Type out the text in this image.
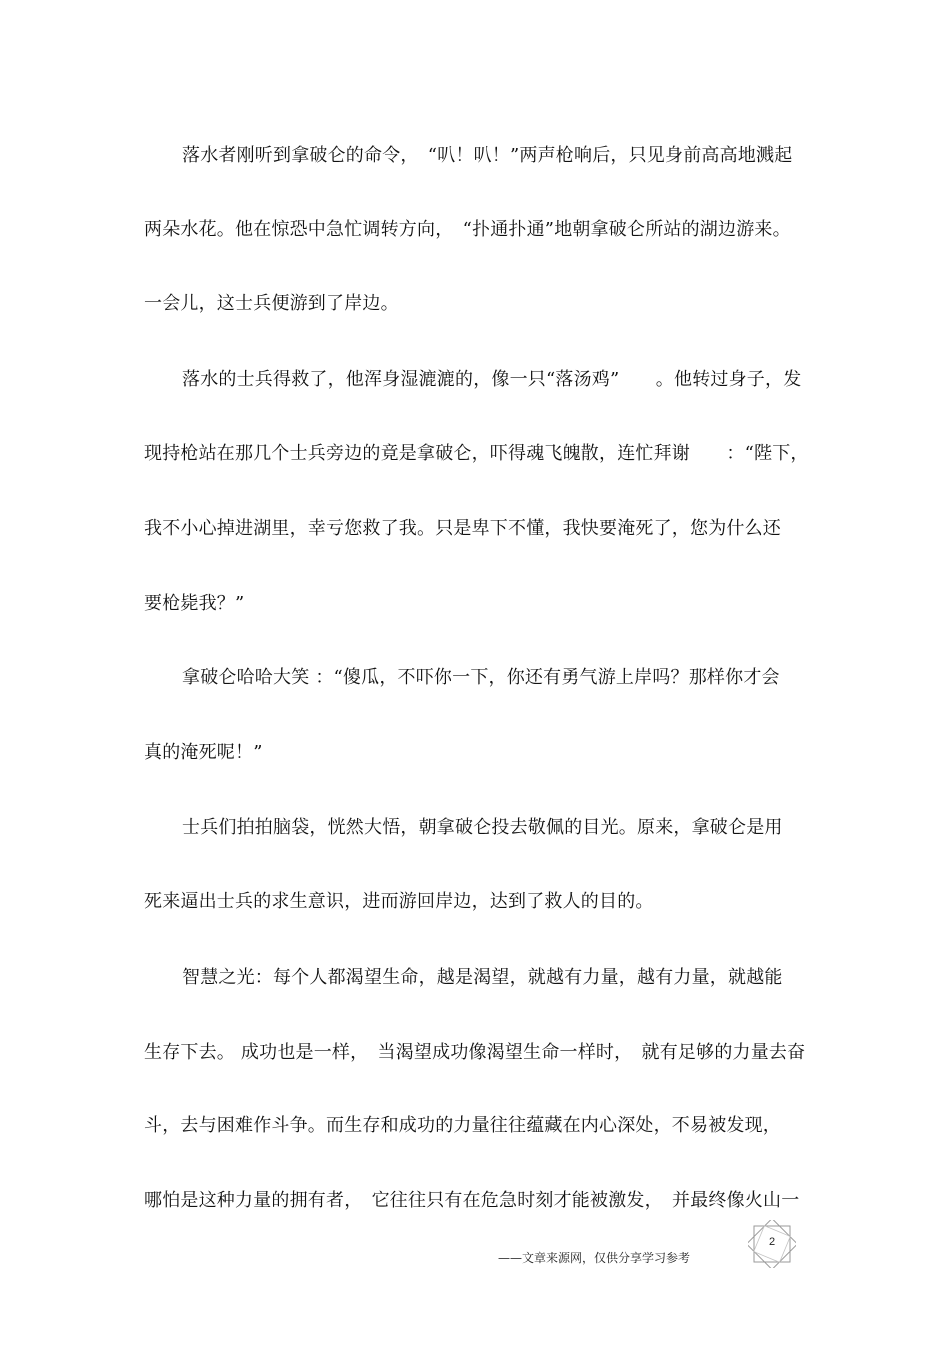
落水者刚听到拿破仑的命令，　“叭！叭！”两声枪响后，只见身前高高地溅起
两朵水花。他在惊恐中急忙调转方向，　“扑通扑通”地朝拿破仑所站的湖边游来。
一会儿，这士兵便游到了岸边。
落水的士兵得救了，他浑身湿漉漉的，像一只“落汤鸡”　　。他转过身子，发
现持枪站在那几个士兵旁边的竟是拿破仑，吓得魂飞魄散，连忙拜谢　　：“陛下，
我不小心掉进湖里，幸亏您救了我。只是卑下不懂，我快要淹死了，您为什么还
要枪毙我？”
拿破仑哈哈大笑 ：“傻瓜，不吓你一下，你还有勇气游上岸吗？那样你才会
真的淹死呢！”
士兵们拍拍脑袋，恍然大悟，朝拿破仑投去敬佩的目光。原来，拿破仑是用
死来逼出士兵的求生意识，进而游回岸边，达到了救人的目的。
智慧之光：每个人都渴望生命，越是渴望，就越有力量，越有力量，就越能
生存下去。 成功也是一样，　当渴望成功像渴望生命一样时，　就有足够的力量去奋
斗，去与困难作斗争。而生存和成功的力量往往蕴藏在内心深处，不易被发现，
哪怕是这种力量的拥有者，　它往往只有在危急时刻才能被激发，　并最终像火山一
2
——文章来源网，仅供分享学习参考
